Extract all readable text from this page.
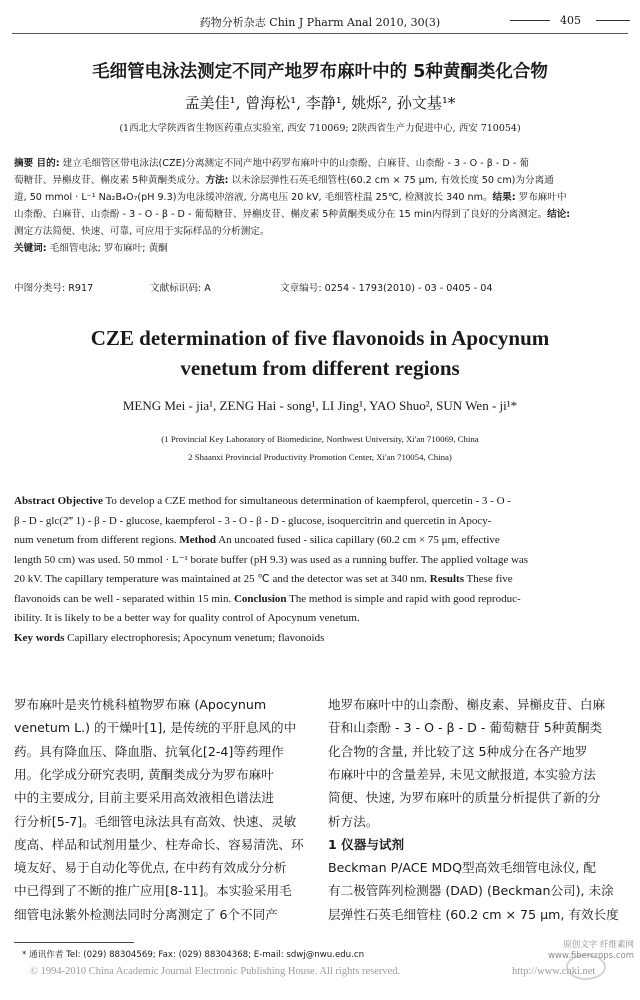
药物分析杂志 Chin J Pharm Anal 2010, 30(3)	405
毛细管电泳法测定不同产地罗布麻叶中的 5种黄酮类化合物
孟美佳¹, 曾海松¹, 李静¹, 姚烁², 孙文基¹*
(1西北大学陕西省生物医药重点实验室, 西安 710069; 2陕西省生产力促进中心, 西安 710054)
摘要 目的: 建立毛细管区带电泳法(CZE)分离测定不同产地中药罗布麻叶中的山柰酚、白麻苷、山柰酚 - 3 - O - β - D - 葡
萄糖苷、异槲皮苷、槲皮素 5种黄酮类成分。方法: 以未涂层弹性石英毛细管柱(60.2 cm × 75 μm, 有效长度 50 cm)为分离通
道, 50 mmol · L⁻¹ Na₂B₄O₇(pH 9.3)为电泳缓冲溶液, 分离电压 20 kV, 毛细管柱温 25℃, 检测波长 340 nm。结果: 罗布麻叶中
山柰酚、白麻苷、山柰酚 - 3 - O - β - D - 葡萄糖苷、异槲皮苷、槲皮素 5种黄酮类成分在 15 min内得到了良好的分离测定。结论:
测定方法简便、快速、可靠, 可应用于实际样品的分析测定。
关键词: 毛细管电泳; 罗布麻叶; 黄酮
中图分类号: R917	文献标识码: A	文章编号: 0254 - 1793(2010) - 03 - 0405 - 04
CZE determination of five flavonoids in Apocynum
venetum from different regions
MENG Mei - jia¹, ZENG Hai - song¹, LI Jing¹, YAO Shuo², SUN Wen - ji¹*
(1 Provincial Key Laboratory of Biomedicine, Northwest University, Xi'an 710069, China
2 Shaanxi Provincial Productivity Promotion Center, Xi'an 710054, China)
Abstract Objective To develop a CZE method for simultaneous determination of kaempferol, quercetin - 3 - O -
β - D - glc(2‴ 1) - β - D - glucose, kaempferol - 3 - O - β - D - glucose, isoquercitrin and quercetin in Apocy-
num venetum from different regions. Method An uncoated fused - silica capillary (60.2 cm × 75 μm, effective
length 50 cm) was used. 50 mmol · L⁻¹ borate buffer (pH 9.3) was used as a running buffer. The applied voltage was
20 kV. The capillary temperature was maintained at 25 ℃ and the detector was set at 340 nm. Results These five
flavonoids can be well - separated within 15 min. Conclusion The method is simple and rapid with good reproduc-
ibility. It is likely to be a better way for quality control of Apocynum venetum.
Key words Capillary electrophoresis; Apocynum venetum; flavonoids
罗布麻叶是夹竹桃科植物罗布麻 (Apocynum
venetum L.) 的干燥叶[1], 是传统的平肝息风的中
药。具有降血压、降血脂、抗氧化[2-4]等药理作
用。化学成分研究表明, 黄酮类成分为罗布麻叶
中的主要成分, 目前主要采用高效液相色谱法进
行分析[5-7]。毛细管电泳法具有高效、快速、灵敏
度高、样品和试剂用量少、柱寿命长、容易清洗、环
境友好、易于自动化等优点, 在中药有效成分分析
中已得到了不断的推广应用[8-11]。本实验采用毛
细管电泳紫外检测法同时分离测定了 6个不同产
地罗布麻叶中的山柰酚、槲皮素、异槲皮苷、白麻
苷和山柰酚 - 3 - O - β - D - 葡萄糖苷 5种黄酮类
化合物的含量, 并比较了这 5种成分在各产地罗
布麻叶中的含量差异, 未见文献报道, 本实验方法
简便、快速, 为罗布麻叶的质量分析提供了新的分
析方法。
1 仪器与试剂
Beckman P/ACE MDQ型高效毛细管电泳仪, 配
有二极管阵列检测器 (DAD) (Beckman公司), 未涂
层弹性石英毛细管柱 (60.2 cm × 75 μm, 有效长度
* 通讯作者 Tel: (029) 88304569; Fax: (029) 88304368; E-mail: sdwj@nwu.edu.cn
© 1994-2010 China Academic Journal Electronic Publishing House. All rights reserved.	http://www.cnki.net
原创文字 纤维素网 www.fibercrops.com
